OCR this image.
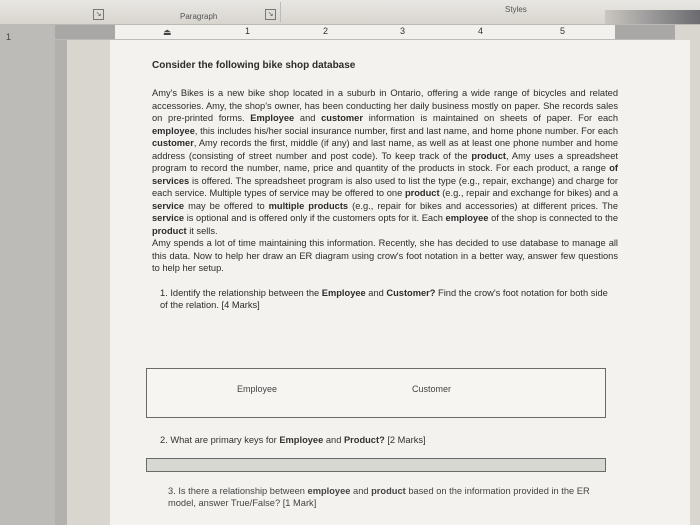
↘	Paragraph	↘
Styles
1	⏏	1	2	3	4	5

Consider the following bike shop database

Amy's Bikes is a new bike shop located in a suburb in Ontario, offering a wide range of bicycles and related accessories. Amy, the shop's owner, has been conducting her daily business mostly on paper. She records sales on pre-printed forms. Employee and customer information is maintained on sheets of paper. For each employee, this includes his/her social insurance number, first and last name, and home phone number. For each customer, Amy records the first, middle (if any) and last name, as well as at least one phone number and home address (consisting of street number and post code). To keep track of the product, Amy uses a spreadsheet program to record the number, name, price and quantity of the products in stock. For each product, a range of services is offered. The spreadsheet program is also used to list the type (e.g., repair, exchange) and charge for each service. Multiple types of service may be offered to one product (e.g., repair and exchange for bikes) and a service may be offered to multiple products (e.g., repair for bikes and accessories) at different prices. The service is optional and is offered only if the customers opts for it. Each employee of the shop is connected to the product it sells.
Amy spends a lot of time maintaining this information. Recently, she has decided to use database to manage all this data. Now to help her draw an ER diagram using crow's foot notation in a better way, answer few questions to help her setup.

1. Identify the relationship between the Employee and Customer? Find the crow's foot notation for both side of the relation. [4 Marks]

Employee	Customer
2. What are primary keys for Employee and Product? [2 Marks]
3. Is there a relationship between employee and product based on the information provided in the ER model, answer True/False? [1 Mark]
